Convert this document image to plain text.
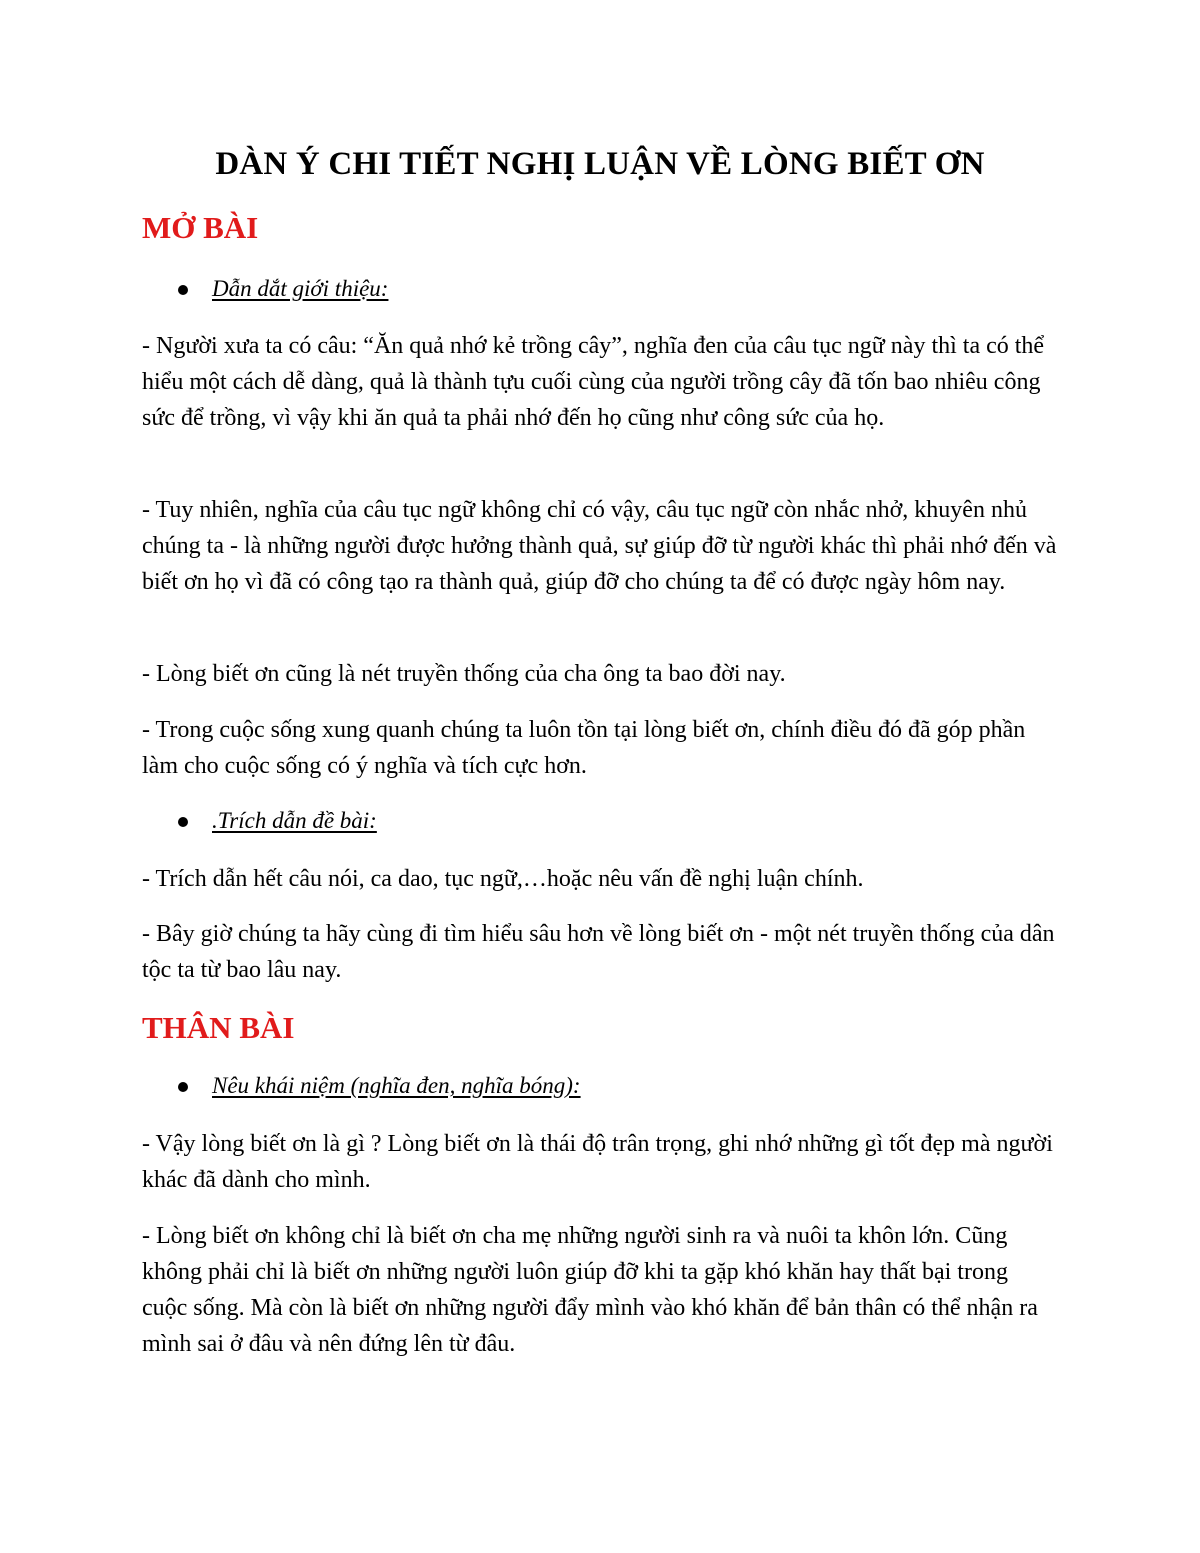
DÀN Ý CHI TIẾT NGHỊ LUẬN VỀ LÒNG BIẾT ƠN
MỞ BÀI
Dẫn dắt giới thiệu:

- Người xưa ta có câu: “Ăn quả nhớ kẻ trồng cây”, nghĩa đen của câu tục ngữ này thì ta có thể hiểu một cách dễ dàng, quả là thành tựu cuối cùng của người trồng cây đã tốn bao nhiêu công sức để trồng, vì vậy khi ăn quả ta phải nhớ đến họ cũng như công sức của họ.

- Tuy nhiên, nghĩa của câu tục ngữ không chỉ có vậy, câu tục ngữ còn nhắc nhở, khuyên nhủ chúng ta - là những người được hưởng thành quả, sự giúp đỡ từ người khác thì phải nhớ đến và biết ơn họ vì đã có công tạo ra thành quả, giúp đỡ cho chúng ta để có được ngày hôm nay.

- Lòng biết ơn cũng là nét truyền thống của cha ông ta bao đời nay.

- Trong cuộc sống xung quanh chúng ta luôn tồn tại lòng biết ơn, chính điều đó đã góp phần làm cho cuộc sống có ý nghĩa và tích cực hơn.

.Trích dẫn đề bài:

- Trích dẫn hết câu nói, ca dao, tục ngữ,…hoặc nêu vấn đề nghị luận chính.

- Bây giờ chúng ta hãy cùng đi tìm hiểu sâu hơn về lòng biết ơn - một nét truyền thống của dân tộc ta từ bao lâu nay.

THÂN BÀI
Nêu khái niệm (nghĩa đen, nghĩa bóng):

- Vậy lòng biết ơn là gì ? Lòng biết ơn là thái độ trân trọng, ghi nhớ những gì tốt đẹp mà người khác đã dành cho mình.

- Lòng biết ơn không chỉ là biết ơn cha mẹ những người sinh ra và nuôi ta khôn lớn. Cũng không phải chỉ là biết ơn những người luôn giúp đỡ khi ta gặp khó khăn hay thất bại trong cuộc sống. Mà còn là biết ơn những người đẩy mình vào khó khăn để bản thân có thể nhận ra mình sai ở đâu và nên đứng lên từ đâu.
